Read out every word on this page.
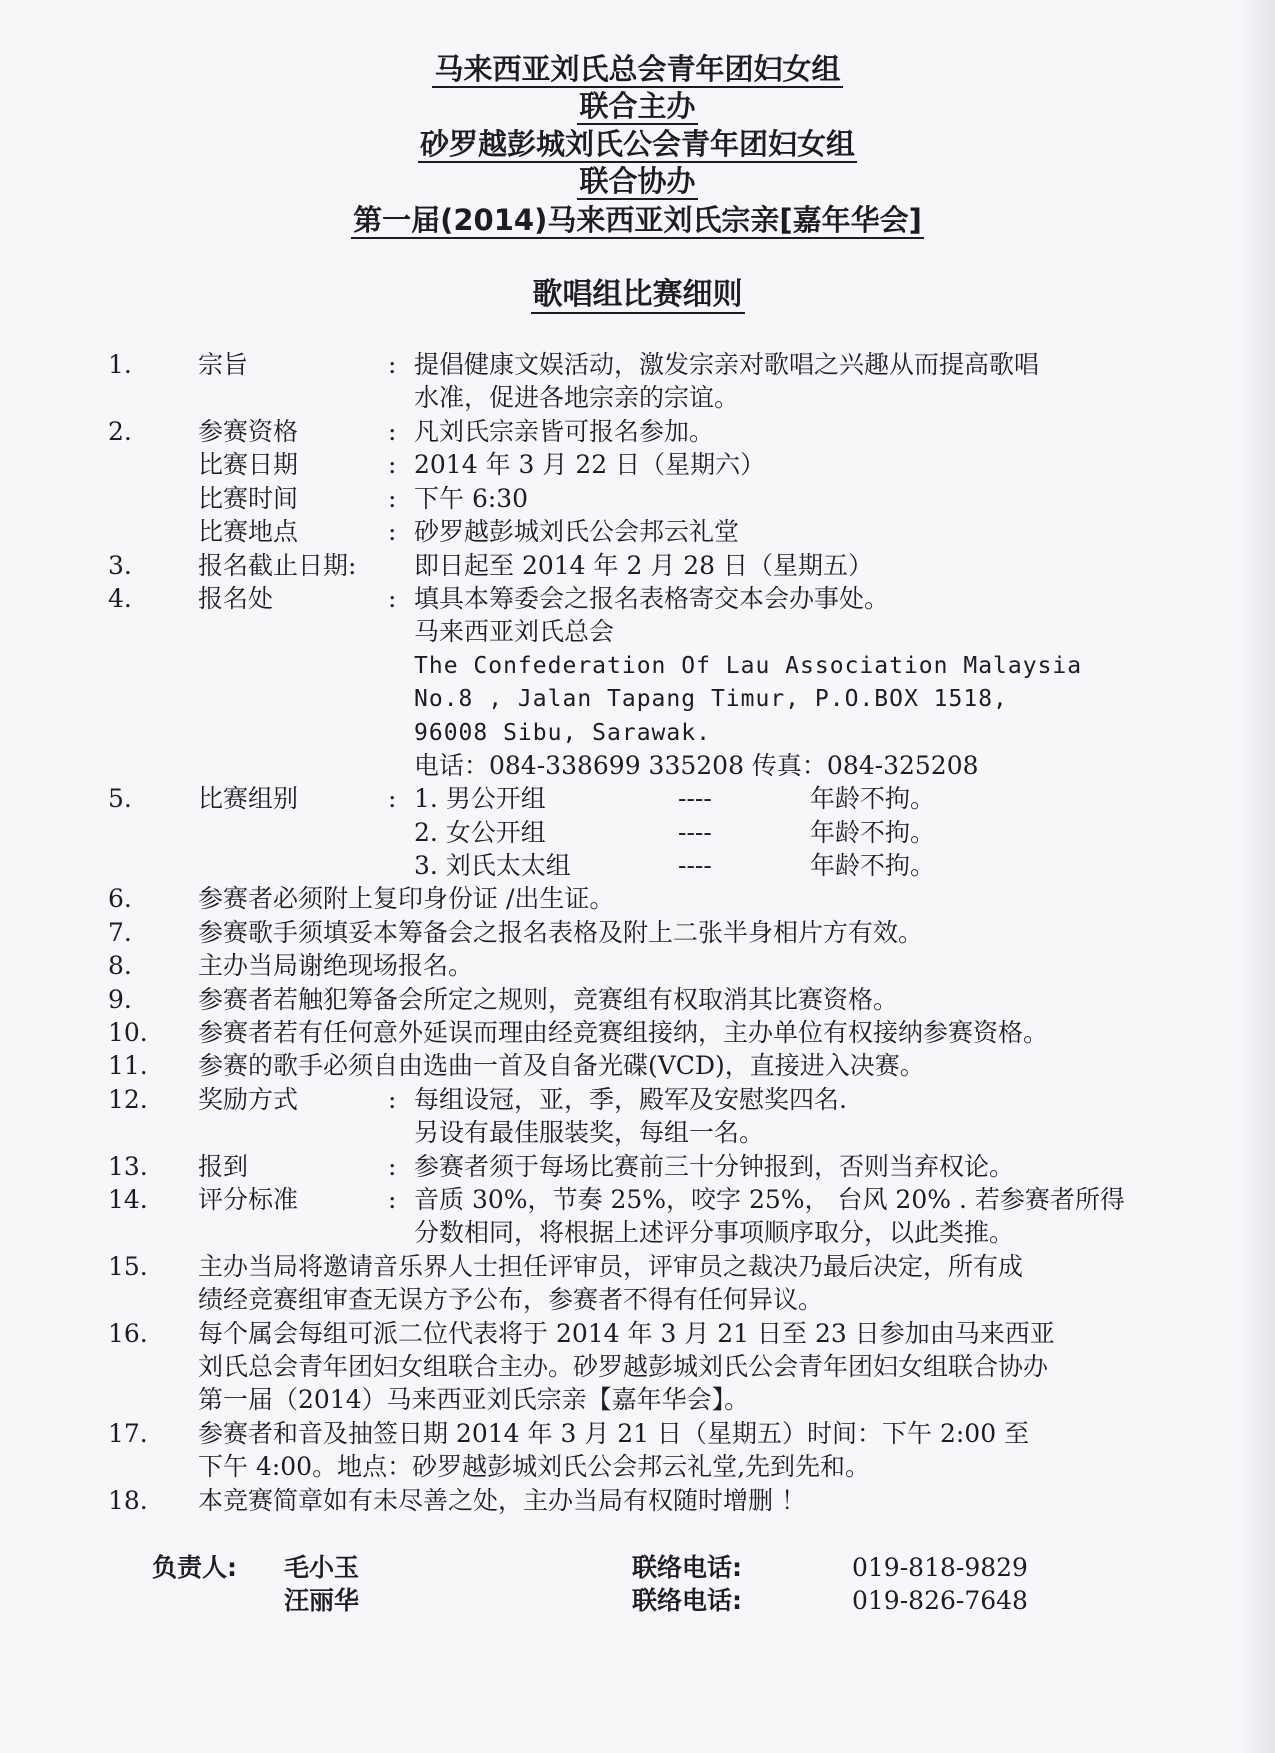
马来西亚刘氏总会青年团妇女组
联合主办
砂罗越彭城刘氏公会青年团妇女组
联合协办
第一届(2014)马来西亚刘氏宗亲[嘉年华会]
歌唱组比赛细则
1.	宗旨	: 提倡健康文娱活动，激发宗亲对歌唱之兴趣从而提高歌唱
水准，促进各地宗亲的宗谊。
2.	参赛资格	: 凡刘氏宗亲皆可报名参加。
比赛日期	: 2014 年 3 月 22 日（星期六）
比赛时间	: 下午 6:30
比赛地点	: 砂罗越彭城刘氏公会邦云礼堂
3.	报名截止日期: 即日起至 2014 年 2 月 28 日（星期五）
4.	报名处	: 填具本筹委会之报名表格寄交本会办事处。
马来西亚刘氏总会
The Confederation Of Lau Association Malaysia
No.8 , Jalan Tapang Timur, P.O.BOX 1518,
96008 Sibu, Sarawak.
电话：084-338699 335208 传真：084-325208
5.	比赛组别	: 1. 男公开组	----	年龄不拘。
2. 女公开组	----	年龄不拘。
3. 刘氏太太组	----	年龄不拘。
6.	参赛者必须附上复印身份证 /出生证。
7.	参赛歌手须填妥本筹备会之报名表格及附上二张半身相片方有效。
8.	主办当局谢绝现场报名。
9.	参赛者若触犯筹备会所定之规则，竞赛组有权取消其比赛资格。
10. 参赛者若有任何意外延误而理由经竞赛组接纳，主办单位有权接纳参赛资格。
11. 参赛的歌手必须自由选曲一首及自备光碟(VCD)，直接进入决赛。
12. 奖励方式	: 每组设冠，亚，季，殿军及安慰奖四名.
另设有最佳服装奖，每组一名。
13. 报到	: 参赛者须于每场比赛前三十分钟报到，否则当弃权论。
14. 评分标准	: 音质 30%，节奏 25%，咬字 25%， 台风 20% . 若参赛者所得
分数相同，将根据上述评分事项顺序取分，以此类推。
15. 主办当局将邀请音乐界人士担任评审员，评审员之裁决乃最后决定，所有成
绩经竞赛组审查无误方予公布，参赛者不得有任何异议。
16. 每个属会每组可派二位代表将于 2014 年 3 月 21 日至 23 日参加由马来西亚
刘氏总会青年团妇女组联合主办。砂罗越彭城刘氏公会青年团妇女组联合协办
第一届（2014）马来西亚刘氏宗亲【嘉年华会】。
17. 参赛者和音及抽签日期 2014 年 3 月 21 日（星期五）时间：下午 2:00 至
下午 4:00。地点：砂罗越彭城刘氏公会邦云礼堂,先到先和。
18. 本竞赛简章如有未尽善之处，主办当局有权随时增删 ！
负责人: 毛小玉	联络电话:	019-818-9829
汪丽华	联络电话:	019-826-7648
